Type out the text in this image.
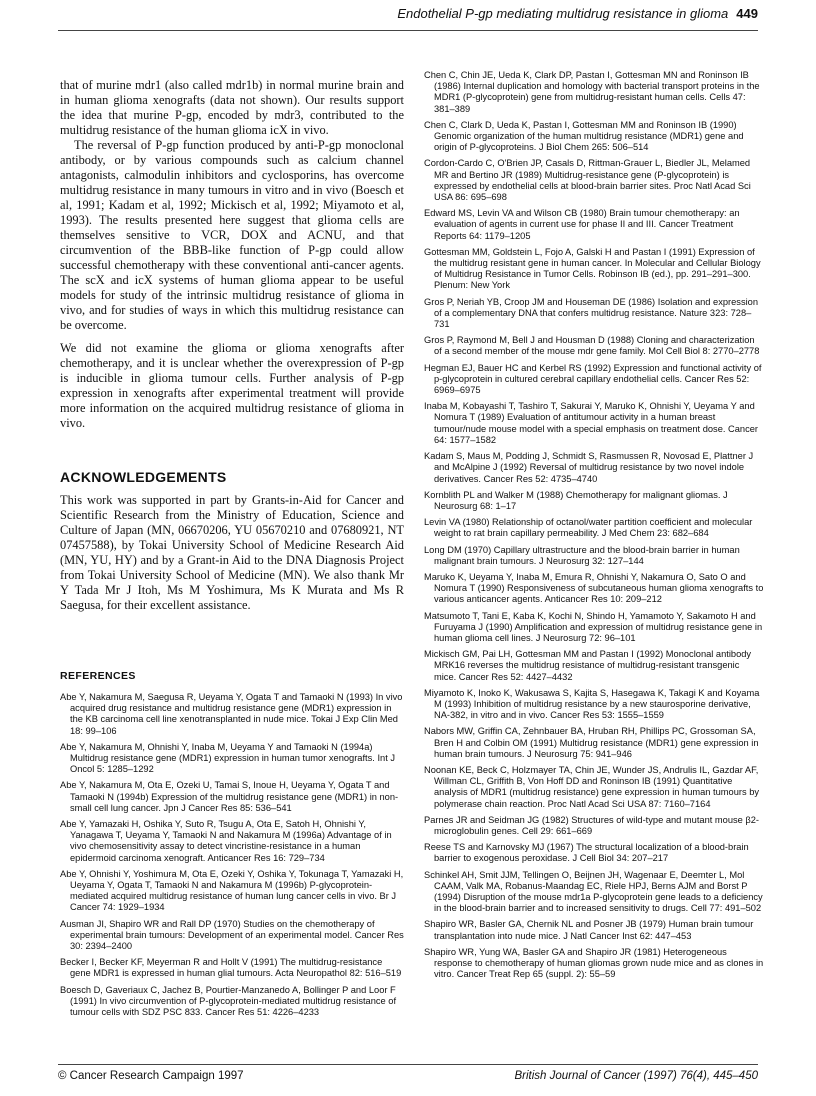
Endothelial P-gp mediating multidrug resistance in glioma 449

that of murine mdr1 (also called mdr1b) in normal murine brain and in human glioma xenografts (data not shown). Our results support the idea that murine P-gp, encoded by mdr3, contributed to the multidrug resistance of the human glioma icX in vivo.

The reversal of P-gp function produced by anti-P-gp monoclonal antibody, or by various compounds such as calcium channel antagonists, calmodulin inhibitors and cyclosporins, has overcome multidrug resistance in many tumours in vitro and in vivo (Boesch et al, 1991; Kadam et al, 1992; Mickisch et al, 1992; Miyamoto et al, 1993). The results presented here suggest that glioma cells are themselves sensitive to VCR, DOX and ACNU, and that circumvention of the BBB-like function of P-gp could allow successful chemotherapy with these conventional anti-cancer agents. The scX and icX systems of human glioma appear to be useful models for study of the intrinsic multidrug resistance of glioma in vivo, and for studies of ways in which this multidrug resistance can be overcome.

We did not examine the glioma or glioma xenografts after chemotherapy, and it is unclear whether the overexpression of P-gp is inducible in glioma tumour cells. Further analysis of P-gp expression in xenografts after experimental treatment will provide more information on the acquired multidrug resistance of glioma in vivo.

ACKNOWLEDGEMENTS

This work was supported in part by Grants-in-Aid for Cancer and Scientific Research from the Ministry of Education, Science and Culture of Japan (MN, 06670206, YU 05670210 and 07680921, NT 07457588), by Tokai University School of Medicine Research Aid (MN, YU, HY) and by a Grant-in Aid to the DNA Diagnosis Project from Tokai University School of Medicine (MN). We also thank Mr Y Tada Mr J Itoh, Ms M Yoshimura, Ms K Murata and Ms R Saegusa, for their excellent assistance.

REFERENCES

Abe Y, Nakamura M, Saegusa R, Ueyama Y, Ogata T and Tamaoki N (1993) In vivo acquired drug resistance and multidrug resistance gene (MDR1) expression in the KB carcinoma cell line xenotransplanted in nude mice. Tokai J Exp Clin Med 18: 99–106

Abe Y, Nakamura M, Ohnishi Y, Inaba M, Ueyama Y and Tamaoki N (1994a) Multidrug resistance gene (MDR1) expression in human tumor xenografts. Int J Oncol 5: 1285–1292

Abe Y, Nakamura M, Ota E, Ozeki U, Tamai S, Inoue H, Ueyama Y, Ogata T and Tamaoki N (1994b) Expression of the multidrug resistance gene (MDR1) in non-small cell lung cancer. Jpn J Cancer Res 85: 536–541

Abe Y, Yamazaki H, Oshika Y, Suto R, Tsugu A, Ota E, Satoh H, Ohnishi Y, Yanagawa T, Ueyama Y, Tamaoki N and Nakamura M (1996a) Advantage of in vivo chemosensitivity assay to detect vincristine-resistance in a human epidermoid carcinoma xenograft. Anticancer Res 16: 729–734

Abe Y, Ohnishi Y, Yoshimura M, Ota E, Ozeki Y, Oshika Y, Tokunaga T, Yamazaki H, Ueyama Y, Ogata T, Tamaoki N and Nakamura M (1996b) P-glycoprotein-mediated acquired multidrug resistance of human lung cancer cells in vivo. Br J Cancer 74: 1929–1934

Ausman JI, Shapiro WR and Rall DP (1970) Studies on the chemotherapy of experimental brain tumours: Development of an experimental model. Cancer Res 30: 2394–2400

Becker I, Becker KF, Meyerman R and Hollt V (1991) The multidrug-resistance gene MDR1 is expressed in human glial tumours. Acta Neuropathol 82: 516–519

Boesch D, Gaveriaux C, Jachez B, Pourtier-Manzanedo A, Bollinger P and Loor F (1991) In vivo circumvention of P-glycoprotein-mediated multidrug resistance of tumour cells with SDZ PSC 833. Cancer Res 51: 4226–4233

Chen C, Chin JE, Ueda K, Clark DP, Pastan I, Gottesman MN and Roninson IB (1986) Internal duplication and homology with bacterial transport proteins in the MDR1 (P-glycoprotein) gene from multidrug-resistant human cells. Cells 47: 381–389

Chen C, Clark D, Ueda K, Pastan I, Gottesman MM and Roninson IB (1990) Genomic organization of the human multidrug resistance (MDR1) gene and origin of P-glycoproteins. J Biol Chem 265: 506–514

Cordon-Cardo C, O'Brien JP, Casals D, Rittman-Grauer L, Biedler JL, Melamed MR and Bertino JR (1989) Multidrug-resistance gene (P-glycoprotein) is expressed by endothelial cells at blood-brain barrier sites. Proc Natl Acad Sci USA 86: 695–698

Edward MS, Levin VA and Wilson CB (1980) Brain tumour chemotherapy: an evaluation of agents in current use for phase II and III. Cancer Treatment Reports 64: 1179–1205

Gottesman MM, Goldstein L, Fojo A, Galski H and Pastan I (1991) Expression of the multidrug resistant gene in human cancer. In Molecular and Cellular Biology of Multidrug Resistance in Tumor Cells. Robinson IB (ed.), pp. 291–291–300. Plenum: New York

Gros P, Neriah YB, Croop JM and Houseman DE (1986) Isolation and expression of a complementary DNA that confers multidrug resistance. Nature 323: 728–731

Gros P, Raymond M, Bell J and Housman D (1988) Cloning and characterization of a second member of the mouse mdr gene family. Mol Cell Biol 8: 2770–2778

Hegman EJ, Bauer HC and Kerbel RS (1992) Expression and functional activity of p-glycoprotein in cultured cerebral capillary endothelial cells. Cancer Res 52: 6969–6975

Inaba M, Kobayashi T, Tashiro T, Sakurai Y, Maruko K, Ohnishi Y, Ueyama Y and Nomura T (1989) Evaluation of antitumour activity in a human breast tumour/nude mouse model with a special emphasis on treatment dose. Cancer 64: 1577–1582

Kadam S, Maus M, Podding J, Schmidt S, Rasmussen R, Novosad E, Plattner J and McAlpine J (1992) Reversal of multidrug resistance by two novel indole derivatives. Cancer Res 52: 4735–4740

Kornblith PL and Walker M (1988) Chemotherapy for malignant gliomas. J Neurosurg 68: 1–17

Levin VA (1980) Relationship of octanol/water partition coefficient and molecular weight to rat brain capillary permeability. J Med Chem 23: 682–684

Long DM (1970) Capillary ultrastructure and the blood-brain barrier in human malignant brain tumours. J Neurosurg 32: 127–144

Maruko K, Ueyama Y, Inaba M, Emura R, Ohnishi Y, Nakamura O, Sato O and Nomura T (1990) Responsiveness of subcutaneous human glioma xenografts to various anticancer agents. Anticancer Res 10: 209–212

Matsumoto T, Tani E, Kaba K, Kochi N, Shindo H, Yamamoto Y, Sakamoto H and Furuyama J (1990) Amplification and expression of multidrug resistance gene in human glioma cell lines. J Neurosurg 72: 96–101

Mickisch GM, Pai LH, Gottesman MM and Pastan I (1992) Monoclonal antibody MRK16 reverses the multidrug resistance of multidrug-resistant transgenic mice. Cancer Res 52: 4427–4432

Miyamoto K, Inoko K, Wakusawa S, Kajita S, Hasegawa K, Takagi K and Koyama M (1993) Inhibition of multidrug resistance by a new staurosporine derivative, NA-382, in vitro and in vivo. Cancer Res 53: 1555–1559

Nabors MW, Griffin CA, Zehnbauer BA, Hruban RH, Phillips PC, Grossoman SA, Bren H and Colbin OM (1991) Multidrug resistance (MDR1) gene expression in human brain tumours. J Neurosurg 75: 941–946

Noonan KE, Beck C, Holzmayer TA, Chin JE, Wunder JS, Andrulis IL, Gazdar AF, Willman CL, Griffith B, Von Hoff DD and Roninson IB (1991) Quantitative analysis of MDR1 (multidrug resistance) gene expression in human tumours by polymerase chain reaction. Proc Natl Acad Sci USA 87: 7160–7164

Parnes JR and Seidman JG (1982) Structures of wild-type and mutant mouse β2-microglobulin genes. Cell 29: 661–669

Reese TS and Karnovsky MJ (1967) The structural localization of a blood-brain barrier to exogenous peroxidase. J Cell Biol 34: 207–217

Schinkel AH, Smit JJM, Tellingen O, Beijnen JH, Wagenaar E, Deemter L, Mol CAAM, Valk MA, Robanus-Maandag EC, Riele HPJ, Berns AJM and Borst P (1994) Disruption of the mouse mdr1a P-glycoprotein gene leads to a deficiency in the blood-brain barrier and to increased sensitivity to drugs. Cell 77: 491–502

Shapiro WR, Basler GA, Chernik NL and Posner JB (1979) Human brain tumour transplantation into nude mice. J Natl Cancer Inst 62: 447–453

Shapiro WR, Yung WA, Basler GA and Shapiro JR (1981) Heterogeneous response to chemotherapy of human gliomas grown nude mice and as clones in vitro. Cancer Treat Rep 65 (suppl. 2): 55–59

© Cancer Research Campaign 1997	British Journal of Cancer (1997) 76(4), 445–450
